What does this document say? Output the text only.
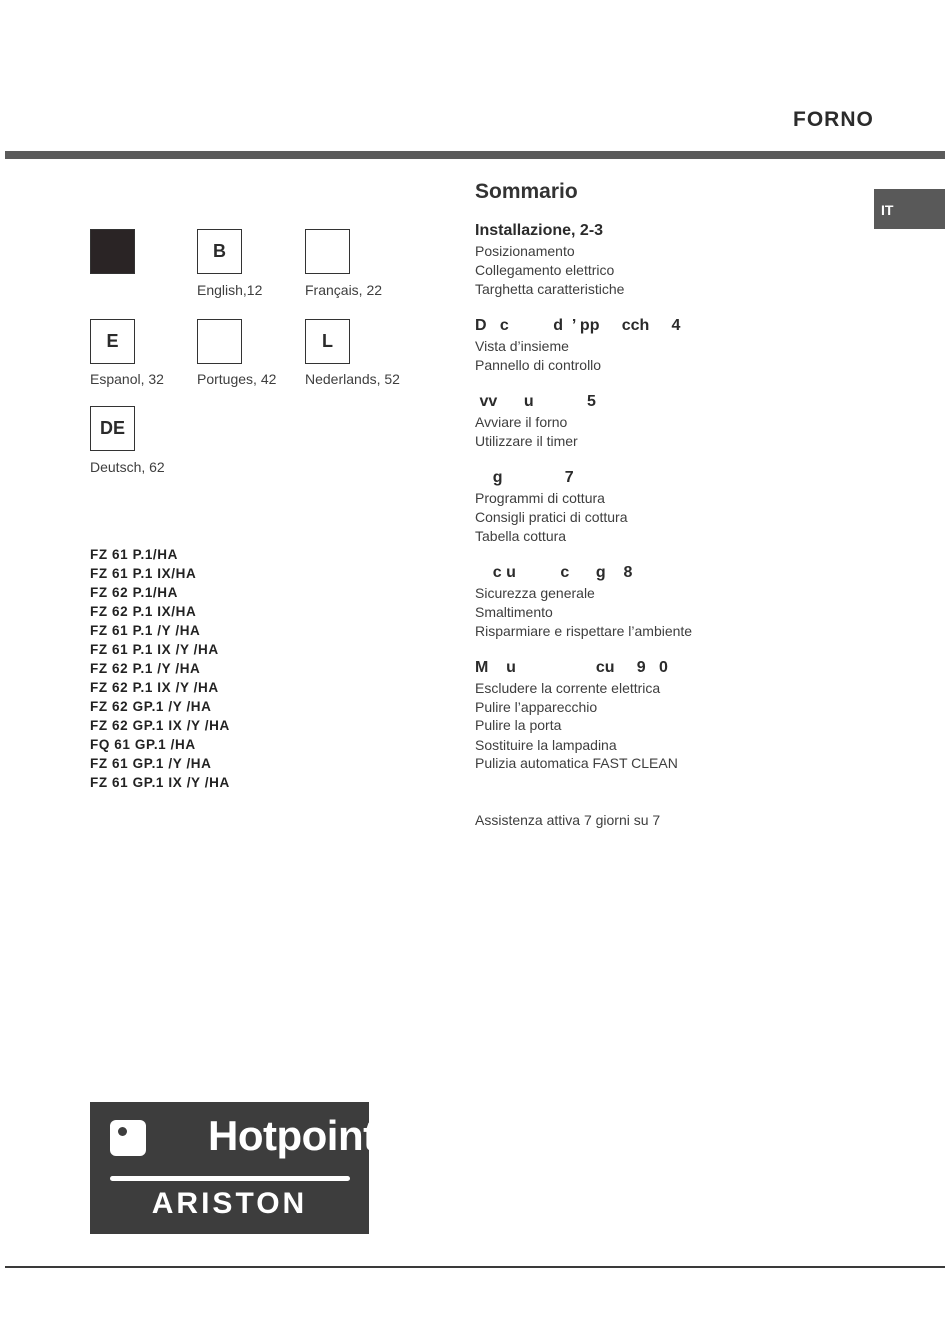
FORNO
IT
B
English,12	Français, 22
E
Espanol, 32 Portuges, 42
L
Nederlands, 52
DE
Deutsch, 62
FZ 61 P.1/HA
FZ 61 P.1 IX/HA
FZ 62 P.1/HA
FZ 62 P.1 IX/HA
FZ 61 P.1 /Y /HA
FZ 61 P.1 IX /Y /HA
FZ 62 P.1 /Y /HA
FZ 62 P.1 IX /Y /HA
FZ 62 GP.1 /Y /HA
FZ 62 GP.1 IX /Y /HA
FQ 61 GP.1 /HA
FZ 61 GP.1 /Y /HA
FZ 61 GP.1 IX /Y /HA
Sommario
Installazione, 2-3
Posizionamento
Collegamento elettrico
Targhetta caratteristiche
D   c          d  ’ pp     cch     4
Vista d’insieme
Pannello di controllo
vv      u            5
Avviare il forno
Utilizzare il timer
g              7
Programmi di cottura
Consigli pratici di cottura
Tabella cottura
c u          c      g    8
Sicurezza generale
Smaltimento
Risparmiare e rispettare l’ambiente
M    u                  cu     9   0
Escludere la corrente elettrica
Pulire l’apparecchio
Pulire la porta
Sostituire la lampadina
Pulizia automatica FAST CLEAN
Assistenza attiva 7 giorni su 7
Hotpoint
ARISTON
